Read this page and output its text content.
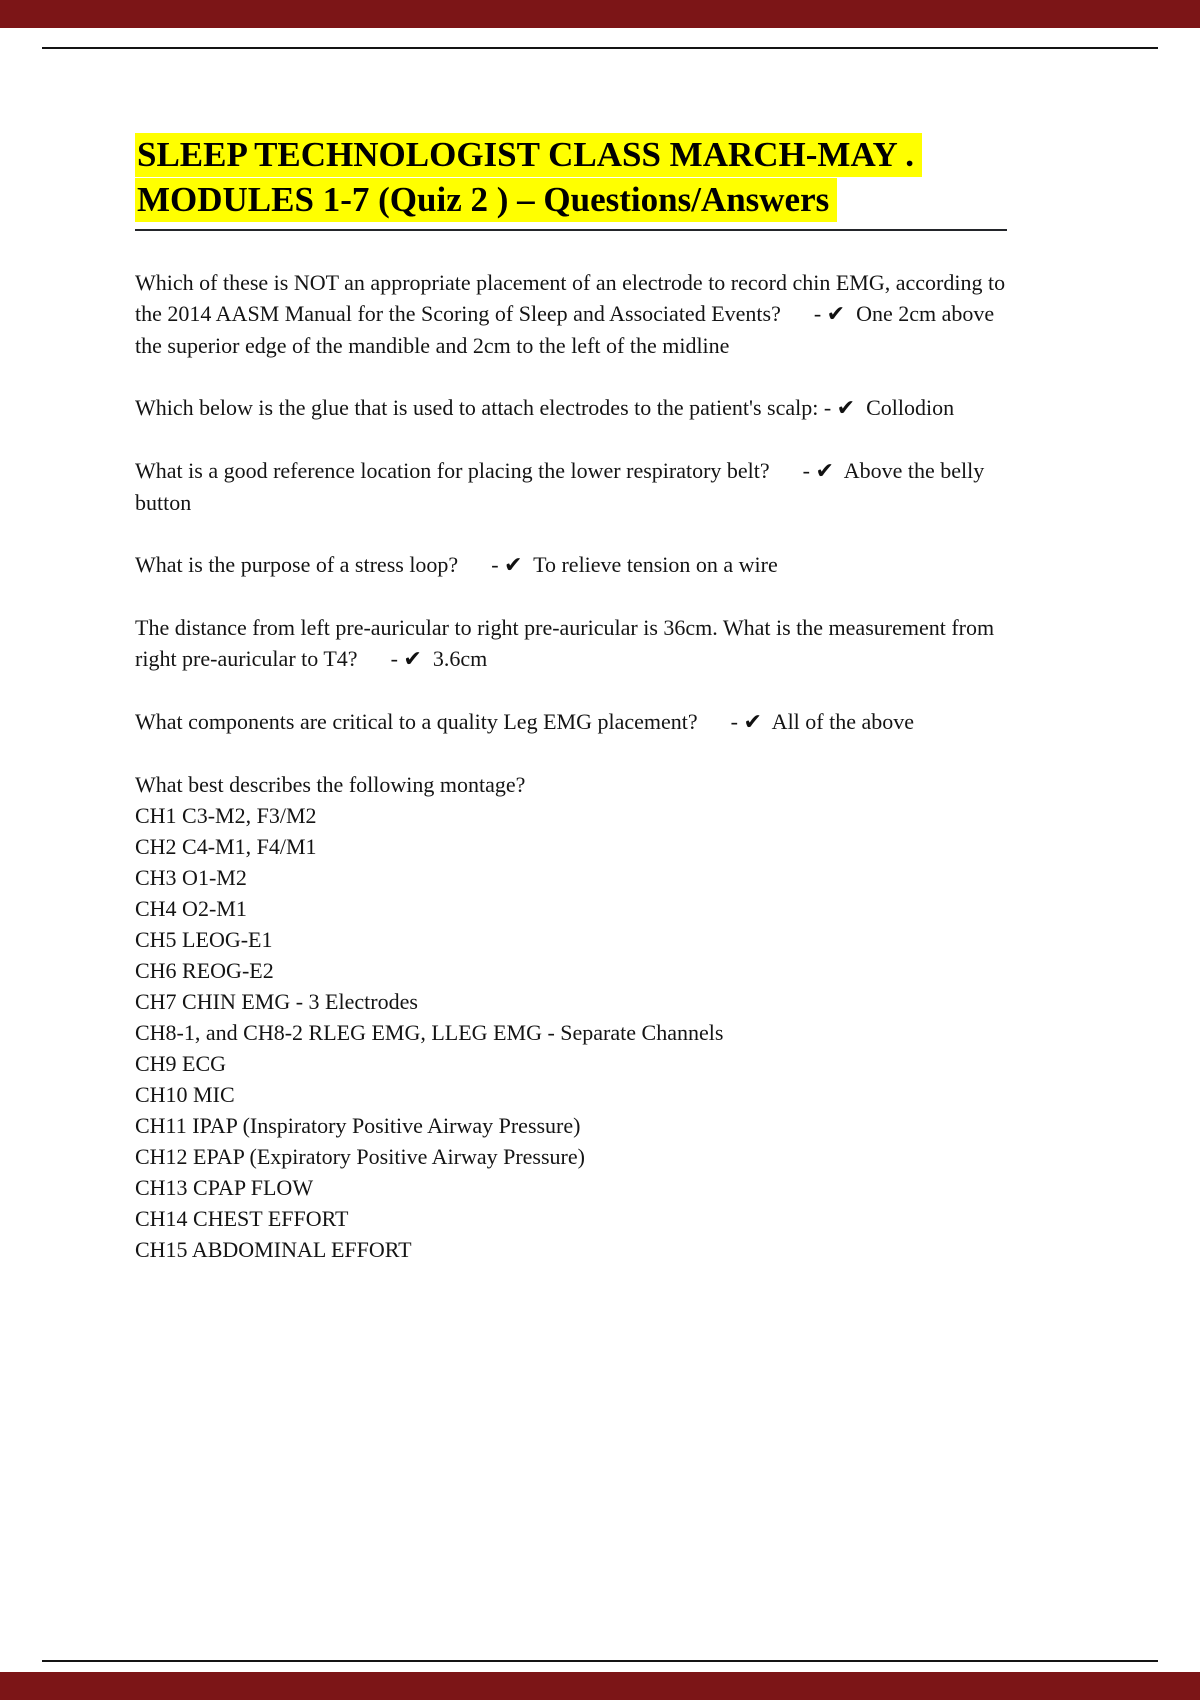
SLEEP TECHNOLOGIST CLASS MARCH-MAY .
MODULES 1-7 (Quiz 2 ) – Questions/Answers

Which of these is NOT an appropriate placement of an electrode to record chin EMG, according to the 2014 AASM Manual for the Scoring of Sleep and Associated Events?      - ✔  One 2cm above the superior edge of the mandible and 2cm to the left of the midline

Which below is the glue that is used to attach electrodes to the patient's scalp: - ✔  Collodion

What is a good reference location for placing the lower respiratory belt?      - ✔  Above the belly button

What is the purpose of a stress loop?      - ✔  To relieve tension on a wire

The distance from left pre-auricular to right pre-auricular is 36cm. What is the measurement from right pre-auricular to T4?      - ✔  3.6cm

What components are critical to a quality Leg EMG placement?      - ✔  All of the above

What best describes the following montage?
CH1 C3-M2, F3/M2
CH2 C4-M1, F4/M1
CH3 O1-M2
CH4 O2-M1
CH5 LEOG-E1
CH6 REOG-E2
CH7 CHIN EMG - 3 Electrodes
CH8-1, and CH8-2 RLEG EMG, LLEG EMG - Separate Channels
CH9 ECG
CH10 MIC
CH11 IPAP (Inspiratory Positive Airway Pressure)
CH12 EPAP (Expiratory Positive Airway Pressure)
CH13 CPAP FLOW
CH14 CHEST EFFORT
CH15 ABDOMINAL EFFORT
